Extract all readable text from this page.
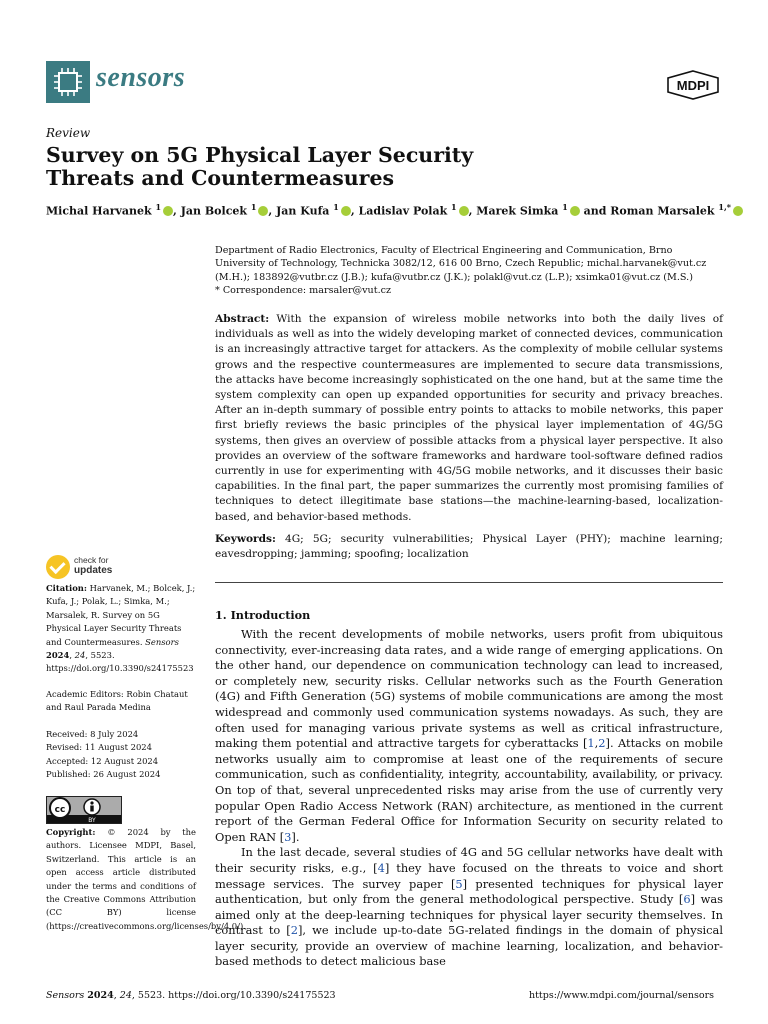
sensors	MDPI
Review
Survey on 5G Physical Layer Security Threats and Countermeasures
Michal Harvanek $^1$ , Jan Bolcek $^1$ , Jan Kufa $^1$ , Ladislav Polak $^1$ , Marek Simka $^1$ and Roman Marsalek $^{1,*}$
Department of Radio Electronics, Faculty of Electrical Engineering and Communication, Brno University of Technology, Technicka 3082/12, 616 00 Brno, Czech Republic; michal.harvanek@vut.cz (M.H.); 183892@vutbr.cz (J.B.); kufa@vutbr.cz (J.K.); polakl@vut.cz (L.P.); xsimka01@vut.cz (M.S.)
* Correspondence: marsaler@vut.cz
Abstract: With the expansion of wireless mobile networks into both the daily lives of individuals as well as into the widely developing market of connected devices, communication is an increasingly attractive target for attackers. As the complexity of mobile cellular systems grows and the respective countermeasures are implemented to secure data transmissions, the attacks have become increasingly sophisticated on the one hand, but at the same time the system complexity can open up expanded opportunities for security and privacy breaches. After an in-depth summary of possible entry points to attacks to mobile networks, this paper first briefly reviews the basic principles of the physical layer implementation of 4G/5G systems, then gives an overview of possible attacks from a physical layer perspective. It also provides an overview of the software frameworks and hardware tool-software defined radios currently in use for experimenting with 4G/5G mobile networks, and it discusses their basic capabilities. In the final part, the paper summarizes the currently most promising families of techniques to detect illegitimate base stations—the machine-learning-based, localization-based, and behavior-based methods.
Keywords: 4G; 5G; security vulnerabilities; Physical Layer (PHY); machine learning; eavesdropping; jamming; spoofing; localization
check for
updates
Citation: Harvanek, M.; Bolcek, J.; Kufa, J.; Polak, L.; Simka, M.; Marsalek, R. Survey on 5G Physical Layer Security Threats and Countermeasures. Sensors 2024, 24, 5523. https://doi.org/10.3390/s24175523
Academic Editors: Robin Chataut and Raul Parada Medina
Received: 8 July 2024
Revised: 11 August 2024
Accepted: 12 August 2024
Published: 26 August 2024
cc
BY
Copyright: © 2024 by the authors. Licensee MDPI, Basel, Switzerland. This article is an open access article distributed under the terms and conditions of the Creative Commons Attribution (CC BY) license (https://creativecommons.org/licenses/by/4.0/).
1. Introduction

With the recent developments of mobile networks, users profit from ubiquitous connectivity, ever-increasing data rates, and a wide range of emerging applications. On the other hand, our dependence on communication technology can lead to increased, or completely new, security risks. Cellular networks such as the Fourth Generation (4G) and Fifth Generation (5G) systems of mobile communications are among the most widespread and commonly used communication systems nowadays. As such, they are often used for managing various private systems as well as critical infrastructure, making them potential and attractive targets for cyberattacks [1,2]. Attacks on mobile networks usually aim to compromise at least one of the requirements of secure communication, such as confidentiality, integrity, accountability, availability, or privacy. On top of that, several unprecedented risks may arise from the use of currently very popular Open Radio Access Network (RAN) architecture, as mentioned in the current report of the German Federal Office for Information Security on security related to Open RAN [3].

In the last decade, several studies of 4G and 5G cellular networks have dealt with their security risks, e.g., [4] they have focused on the threats to voice and short message services. The survey paper [5] presented techniques for physical layer authentication, but only from the general methodological perspective. Study [6] was aimed only at the deep-learning techniques for physical layer security themselves. In contrast to [2], we include up-to-date 5G-related findings in the domain of physical layer security, provide an overview of machine learning, localization, and behavior-based methods to detect malicious base

Sensors 2024, 24, 5523. https://doi.org/10.3390/s24175523	https://www.mdpi.com/journal/sensors
